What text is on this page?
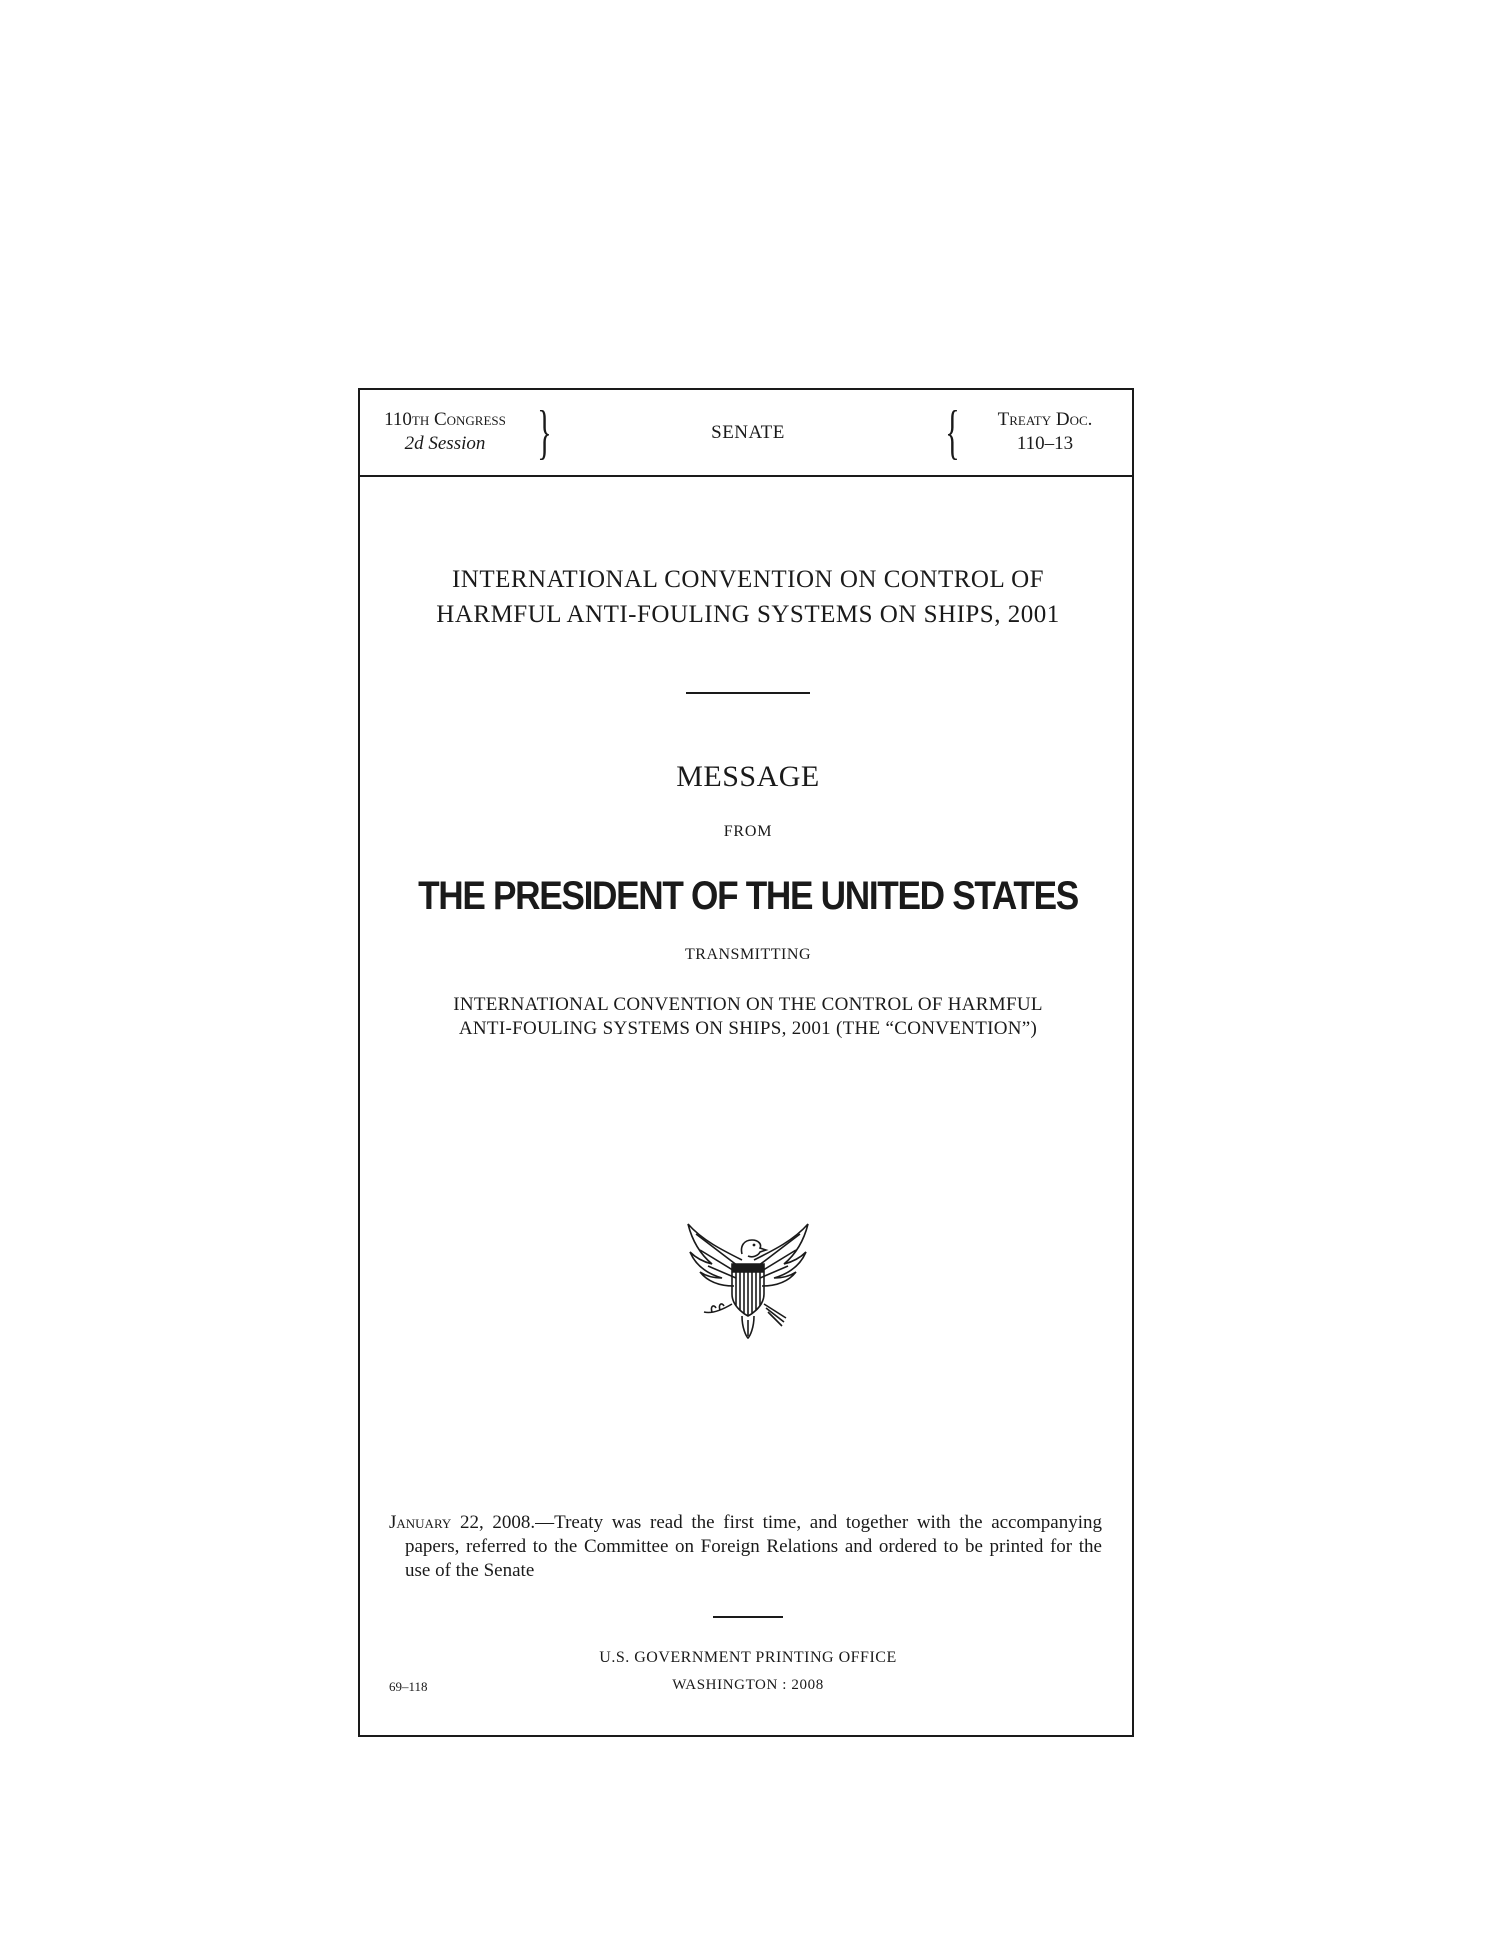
110th Congress
2d Session }	SENATE	{	Treaty Doc.
110–13
INTERNATIONAL CONVENTION ON CONTROL OF
HARMFUL ANTI-FOULING SYSTEMS ON SHIPS, 2001
MESSAGE
FROM
THE PRESIDENT OF THE UNITED STATES
TRANSMITTING
INTERNATIONAL CONVENTION ON THE CONTROL OF HARMFUL
ANTI-FOULING SYSTEMS ON SHIPS, 2001 (THE “CONVENTION”)

January 22, 2008.—Treaty was read the first time, and together with the accompanying papers, referred to the Committee on Foreign Relations and ordered to be printed for the use of the Senate

U.S. GOVERNMENT PRINTING OFFICE
69–118	WASHINGTON : 2008
